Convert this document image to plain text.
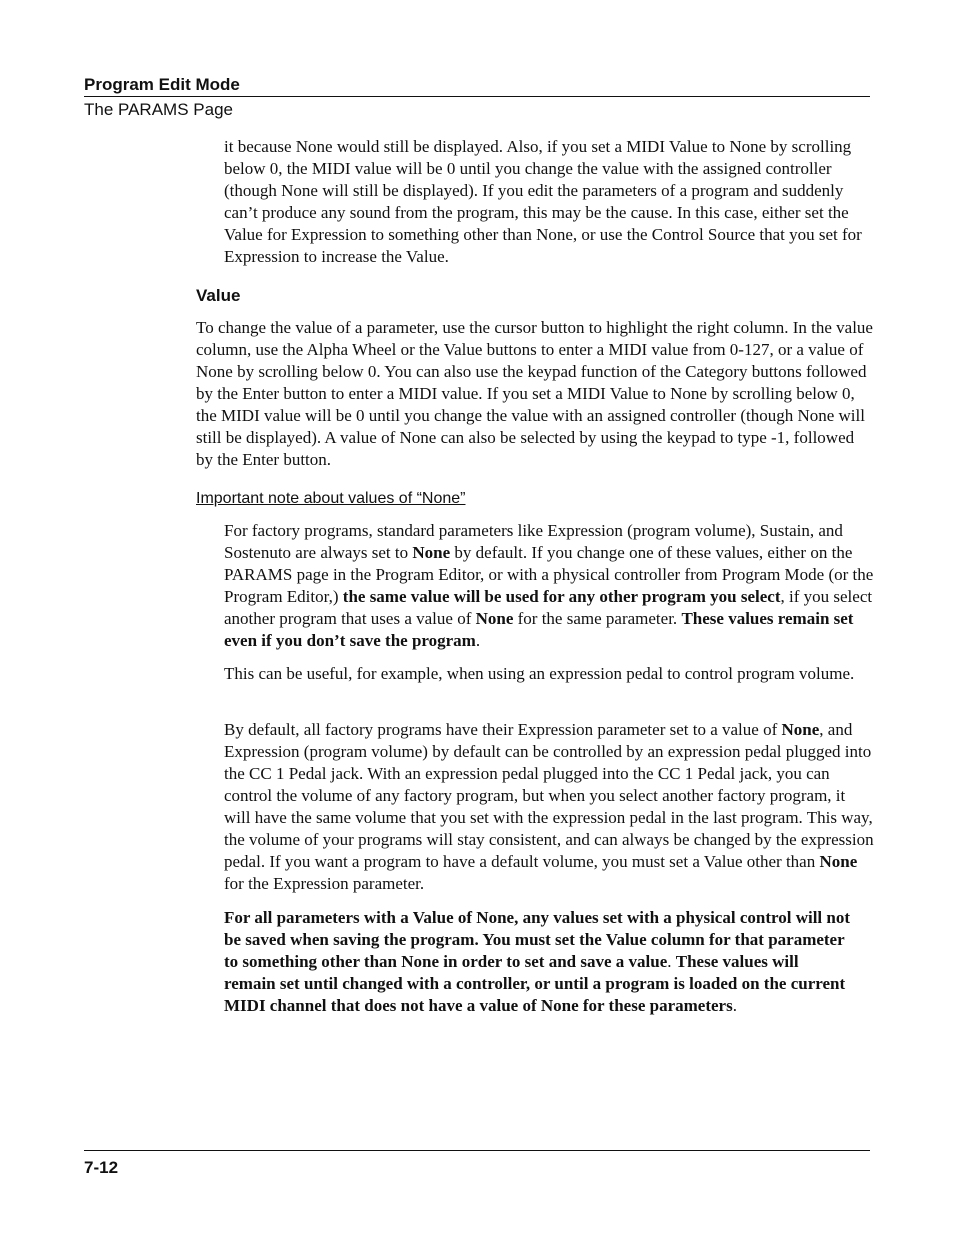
Program Edit Mode
The PARAMS Page

it because None would still be displayed. Also, if you set a MIDI Value to None by scrolling below 0, the MIDI value will be 0 until you change the value with the assigned controller (though None will still be displayed). If you edit the parameters of a program and suddenly can’t produce any sound from the program, this may be the cause. In this case, either set the Value for Expression to something other than None, or use the Control Source that you set for Expression to increase the Value.

Value

To change the value of a parameter, use the cursor button to highlight the right column. In the value column, use the Alpha Wheel or the Value buttons to enter a MIDI value from 0-127, or a value of None by scrolling below 0. You can also use the keypad function of the Category buttons followed by the Enter button to enter a MIDI value. If you set a MIDI Value to None by scrolling below 0, the MIDI value will be 0 until you change the value with an assigned controller (though None will still be displayed). A value of None can also be selected by using the keypad to type -1, followed by the Enter button.

Important note about values of “None”

For factory programs, standard parameters like Expression (program volume), Sustain, and Sostenuto are always set to None by default. If you change one of these values, either on the PARAMS page in the Program Editor, or with a physical controller from Program Mode (or the Program Editor,) the same value will be used for any other program you select, if you select another program that uses a value of None for the same parameter. These values remain set even if you don’t save the program.

This can be useful, for example, when using an expression pedal to control program volume.

By default, all factory programs have their Expression parameter set to a value of None, and Expression (program volume) by default can be controlled by an expression pedal plugged into the CC 1 Pedal jack. With an expression pedal plugged into the CC 1 Pedal jack, you can control the volume of any factory program, but when you select another factory program, it will have the same volume that you set with the expression pedal in the last program. This way, the volume of your programs will stay consistent, and can always be changed by the expression pedal. If you want a program to have a default volume, you must set a Value other than None for the Expression parameter.

For all parameters with a Value of None, any values set with a physical control will not be saved when saving the program. You must set the Value column for that parameter to something other than None in order to set and save a value. These values will remain set until changed with a controller, or until a program is loaded on the current MIDI channel that does not have a value of None for these parameters.

7-12
